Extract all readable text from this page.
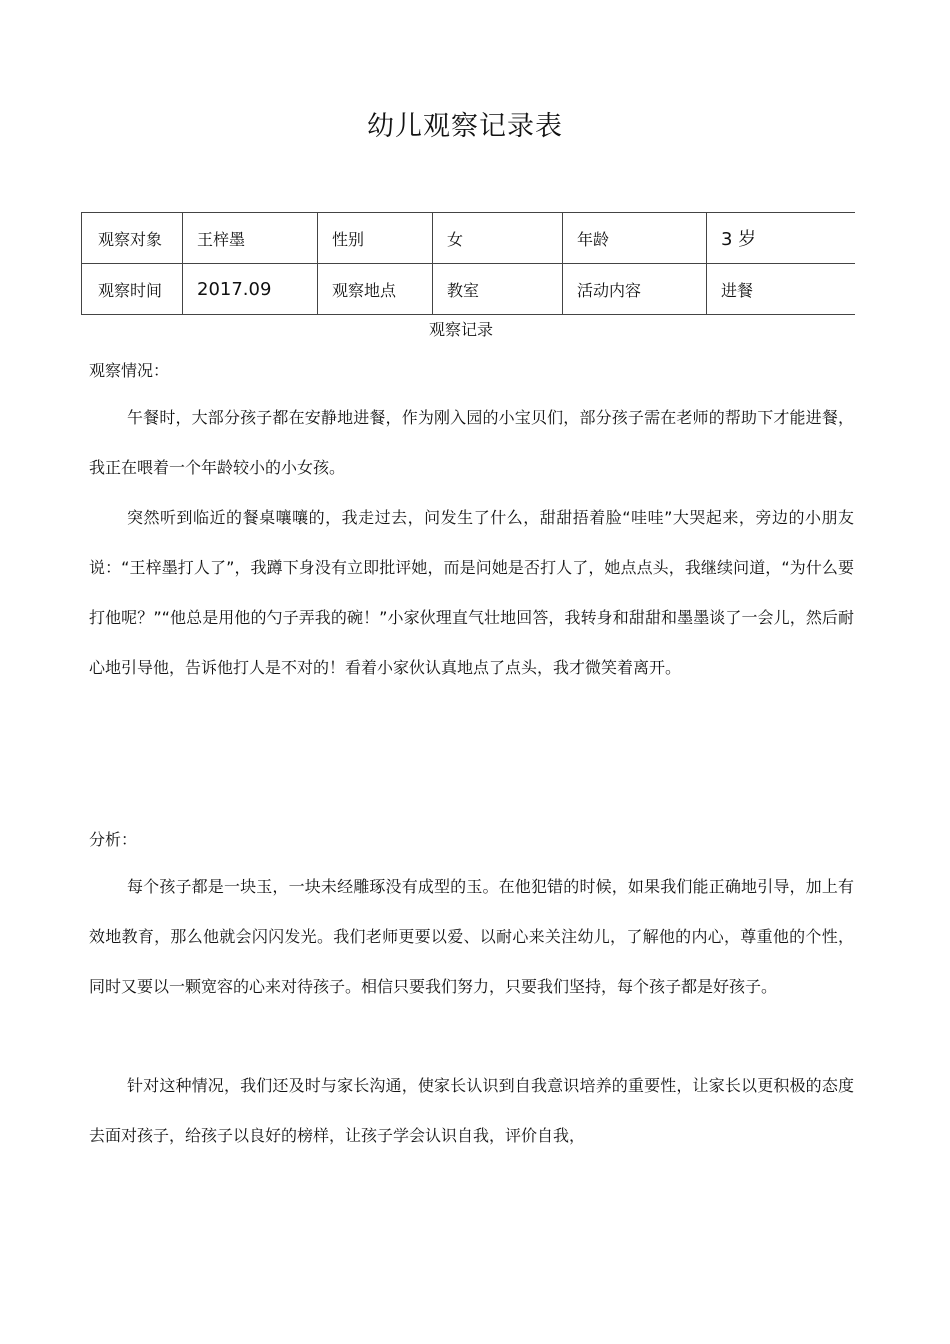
幼儿观察记录表
观察对象	王梓墨	性别	女	年龄	3 岁
观察时间	2017.09	观察地点	教室	活动内容	进餐
观察记录
观察情况：

午餐时，大部分孩子都在安静地进餐，作为刚入园的小宝贝们，部分孩子需在老师的帮助下才能进餐，我正在喂着一个年龄较小的小女孩。

突然听到临近的餐桌嚷嚷的，我走过去，问发生了什么，甜甜捂着脸“哇哇”大哭起来，旁边的小朋友说：“王梓墨打人了”，我蹲下身没有立即批评她，而是问她是否打人了，她点点头，我继续问道，“为什么要打他呢？”“他总是用他的勺子弄我的碗！”小家伙理直气壮地回答，我转身和甜甜和墨墨谈了一会儿，然后耐心地引导他，告诉他打人是不对的！看着小家伙认真地点了点头，我才微笑着离开。

分析：

每个孩子都是一块玉，一块未经雕琢没有成型的玉。在他犯错的时候，如果我们能正确地引导，加上有效地教育，那么他就会闪闪发光。我们老师更要以爱、以耐心来关注幼儿，了解他的内心，尊重他的个性，同时又要以一颗宽容的心来对待孩子。相信只要我们努力，只要我们坚持，每个孩子都是好孩子。

针对这种情况，我们还及时与家长沟通，使家长认识到自我意识培养的重要性，让家长以更积极的态度去面对孩子，给孩子以良好的榜样，让孩子学会认识自我，评价自我，
